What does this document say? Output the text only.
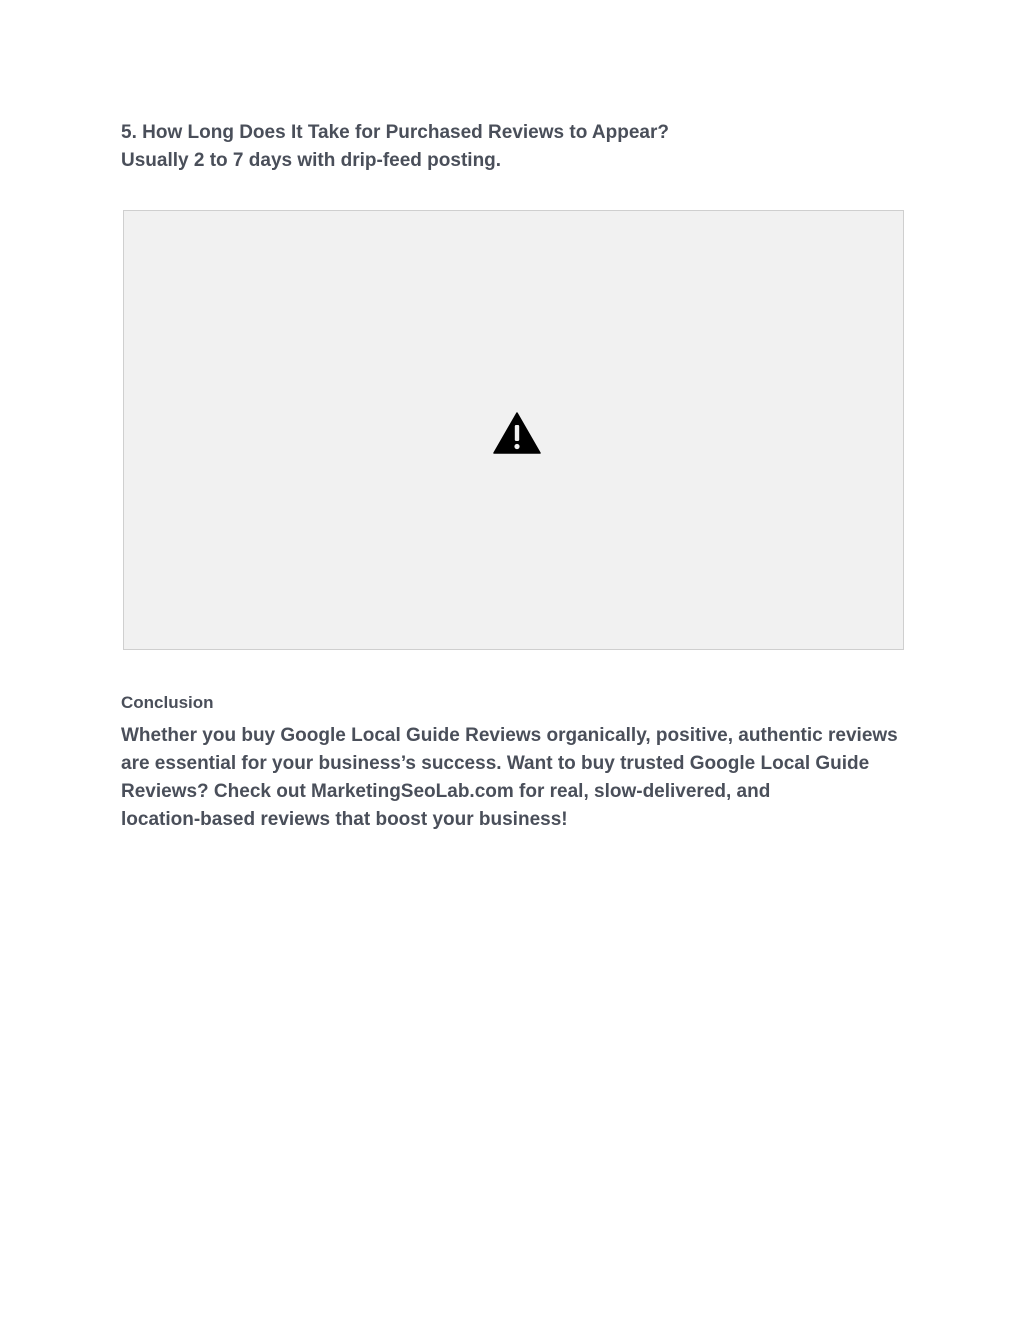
5. How Long Does It Take for Purchased Reviews to Appear?

Usually 2 to 7 days with drip-feed posting.

Conclusion

Whether you buy Google Local Guide Reviews organically, positive, authentic reviews

are essential for your business’s success. Want to buy trusted Google Local Guide

Reviews? Check out MarketingSeoLab.com for real, slow-delivered, and

location-based reviews that boost your business!
